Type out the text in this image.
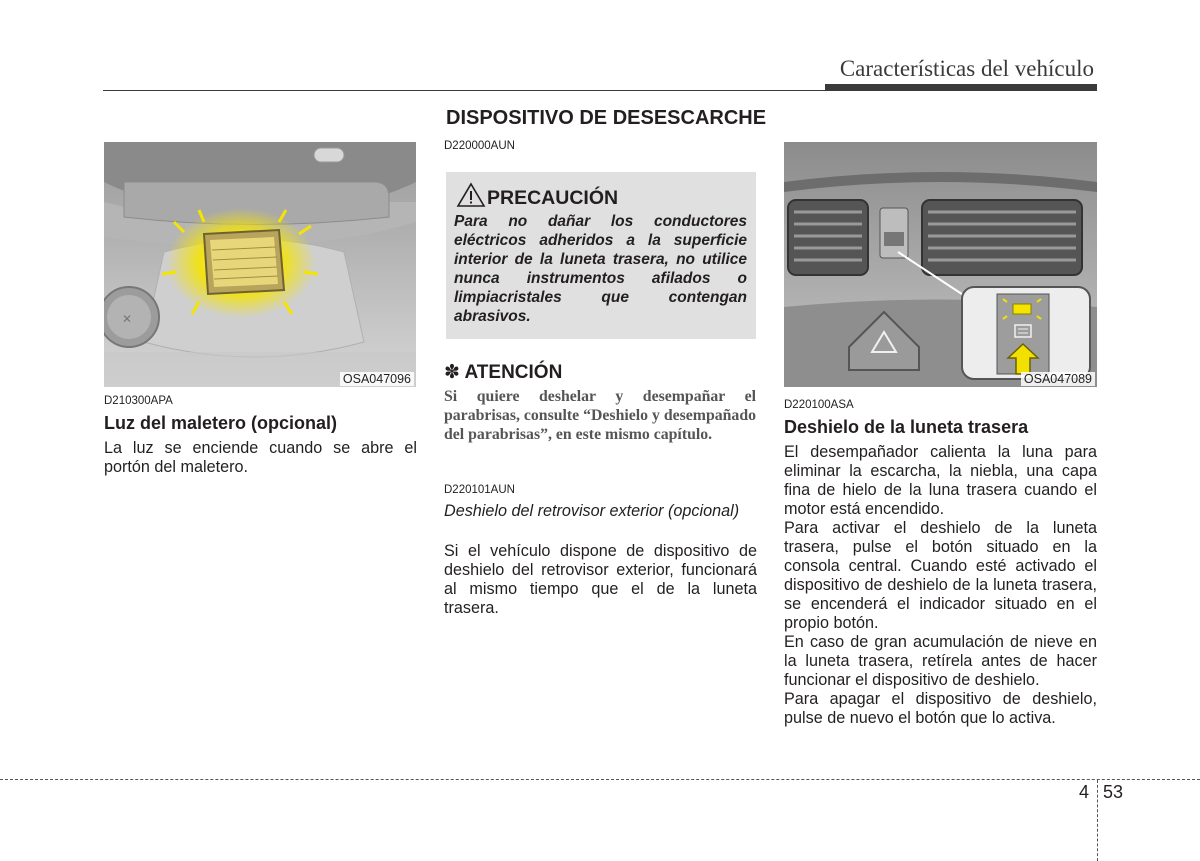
Características del vehículo
DISPOSITIVO DE DESESCARCHE
✕
OSA047096
D210300APA
Luz del maletero (opcional)
La luz se enciende cuando se abre el portón del maletero.
D220000AUN
PRECAUCIÓN
Para no dañar los conductores eléctricos adheridos a la superficie interior de la luneta trasera, no utilice nunca instrumentos afilados o limpiacristales que contengan abrasivos.
✽ ATENCIÓN
Si quiere deshelar y desempañar el parabrisas, consulte “Deshielo y desempañado del parabrisas”, en este mismo capítulo.
D220101AUN
Deshielo del retrovisor exterior (opcional)
Si el vehículo dispone de dispositivo de deshielo del retrovisor exterior, funcionará al mismo tiempo que el de la luneta trasera.
OSA047089
D220100ASA
Deshielo de la luneta trasera

El desempañador calienta la luna para eliminar la escarcha, la niebla, una capa fina de hielo de la luna trasera cuando el motor está encendido.

Para activar el deshielo de la luneta trasera, pulse el botón situado en la consola central. Cuando esté activado el dispositivo de deshielo de la luneta trasera, se encenderá el indicador situado en el propio botón.

En caso de gran acumulación de nieve en la luneta trasera, retírela antes de hacer funcionar el dispositivo de deshielo.

Para apagar el dispositivo de deshielo, pulse de nuevo el botón que lo activa.

4 53
